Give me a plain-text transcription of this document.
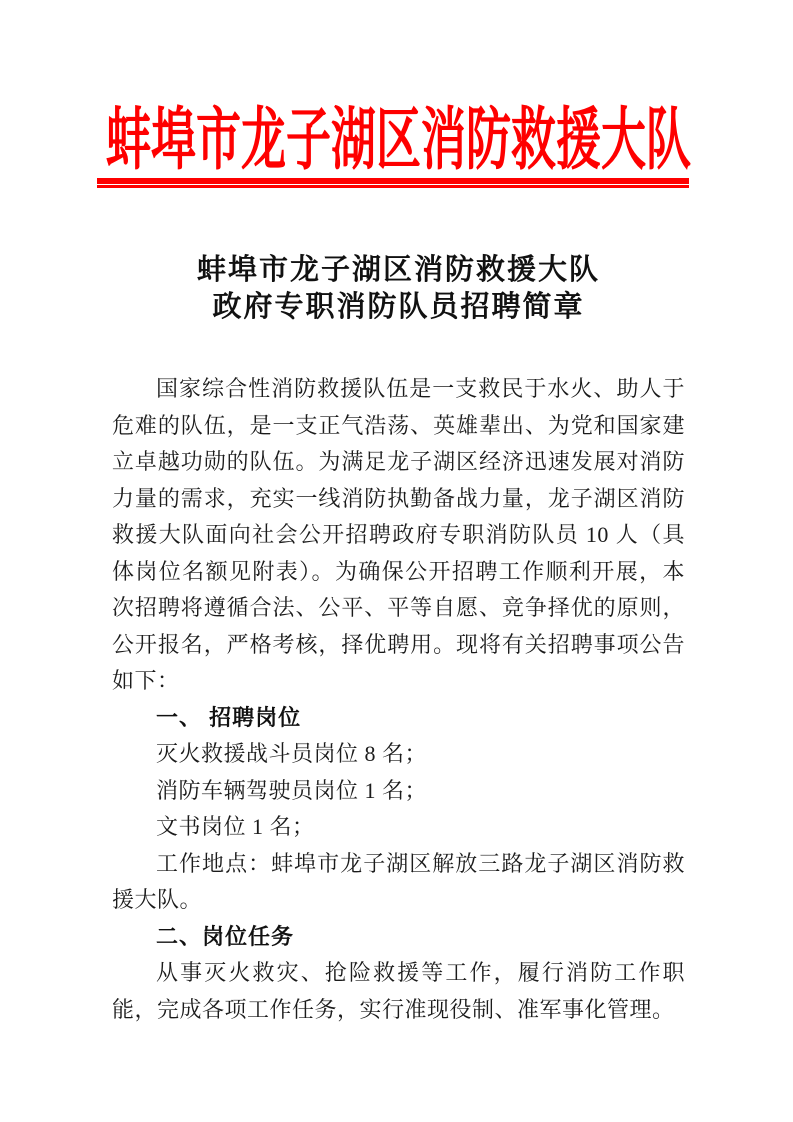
蚌埠市龙子湖区消防救援大队
蚌埠市龙子湖区消防救援大队
政府专职消防队员招聘简章

国家综合性消防救援队伍是一支救民于水火、助人于危难的队伍，是一支正气浩荡、英雄辈出、为党和国家建立卓越功勋的队伍。为满足龙子湖区经济迅速发展对消防力量的需求，充实一线消防执勤备战力量，龙子湖区消防救援大队面向社会公开招聘政府专职消防队员 10 人（具体岗位名额见附表）。为确保公开招聘工作顺利开展，本次招聘将遵循合法、公平、平等自愿、竞争择优的原则，公开报名，严格考核，择优聘用。现将有关招聘事项公告如下：

一、 招聘岗位

灭火救援战斗员岗位 8 名；

消防车辆驾驶员岗位 1 名；

文书岗位 1 名；

工作地点：蚌埠市龙子湖区解放三路龙子湖区消防救援大队。

二、岗位任务

从事灭火救灾、抢险救援等工作，履行消防工作职能，完成各项工作任务，实行准现役制、准军事化管理。
